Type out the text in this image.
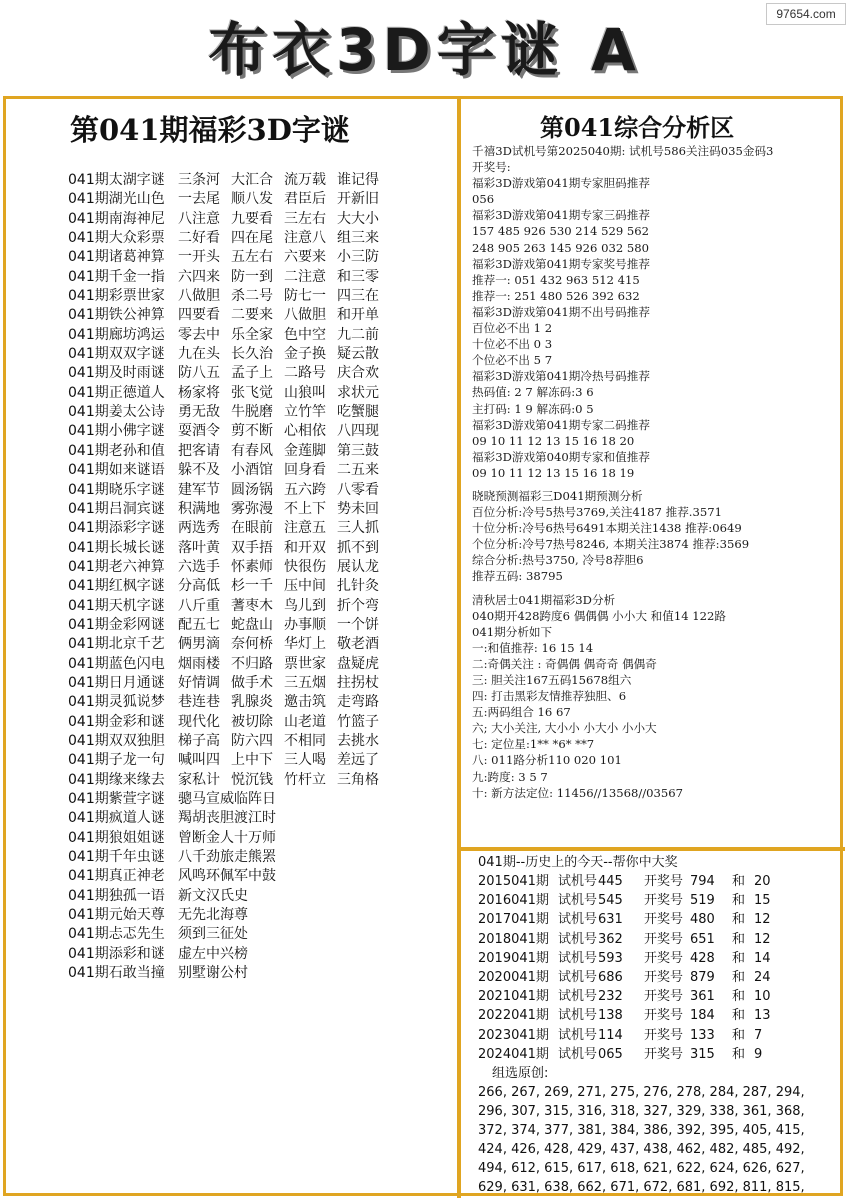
97654.com
布衣3D字谜 A
第041期福彩3D字谜
041期太湖字谜 三条河 大汇合 流万载 谁记得
041期湖光山色 一去尾 顺八发 君臣后 开新旧
041期南海神尼 八注意 九要看 三左右 大大小
041期大众彩票 二好看 四在尾 注意八 组三来
041期诸葛神算 一开头 五左右 六要来 小三防
041期千金一指 六四来 防一到 二注意 和三零
041期彩票世家 八做胆 杀二号 防七一 四三在
041期铁公神算 四要看 二要来 八做胆 和开单
041期廊坊鸿运 零去中 乐全家 色中空 九二前
041期双双字谜 九在头 长久治 金子换 疑云散
041期及时雨谜 防八五 孟子上 二路号 庆合欢
041期正德道人 杨家将 张飞觉 山狼叫 求状元
041期姜太公诗 勇无敌 牛脱磨 立竹竿 吃蟹腿
041期小佛字谜 耍酒令 剪不断 心相依 八四现
041期老孙和值 把客请 有春风 金莲脚 第三鼓
041期如来谜语 躲不及 小酒馆 回身看 二五来
041期晓乐字谜 建军节 圆汤锅 五六跨 八零看
041期吕洞宾谜 积满地 雾弥漫 不上下 势未回
041期添彩字谜 两选秀 在眼前 注意五 三人抓
041期长城长谜 落叶黄 双手捂 和开双 抓不到
041期老六神算 六选手 怀素师 快很伤 展认龙
041期红枫字谜 分高低 杉一千 压中间 扎针灸
041期天机字谜 八斤重 蓍枣木 鸟儿到 折个弯
041期金彩网谜 配五七 蛇盘山 办事顺 一个饼
041期北京千艺 俩男滴 奈何桥 华灯上 敬老酒
041期蓝色闪电 烟雨楼 不归路 票世家 盘疑虎
041期日月通谜 好情调 做手术 三五烟 拄拐杖
041期灵狐说梦 巷连巷 乳腺炎 邀击筑 走弯路
041期金彩和谜 现代化 被切除 山老道 竹篮子
041期双双独胆 梯子高 防六四 不相同 去挑水
041期子龙一句 喊叫四 上中下 三人喝 差远了
041期缘来缘去 家私计 悦沉钱 竹杆立 三角格
041期紫萱字谜 骢马宣威临阵日
041期疯道人谜 羯胡丧胆渡江时
041期狼姐姐谜 曾断金人十万师
041期千年虫谜 八千劲旅走熊罴
041期真正神老 风鸣环佩军中鼓
041期独孤一语 新文汉氏史
041期元始天尊 无先北海尊
041期忐忑先生 须到三征处
041期添彩和谜 虚左中兴榜
041期石敢当撞 别墅谢公村
第041综合分析区
千禧3D试机号第2025040期: 试机号586关注码035金码3
开奖号:
福彩3D游戏第041期专家胆码推荐
056
福彩3D游戏第041期专家三码推荐
157 485 926 530 214 529 562
248 905 263 145 926 032 580
福彩3D游戏第041期专家奖号推荐
推荐一: 051 432 963 512 415
推荐一: 251 480 526 392 632
福彩3D游戏第041期不出号码推荐
百位必不出 1 2
十位必不出 0 3
个位必不出 5 7
福彩3D游戏第041期冷热号码推荐
热码值: 2 7 解冻码:3 6
主打码: 1 9 解冻码:0 5
福彩3D游戏第041期专家二码推荐
09 10 11 12 13 15 16 18 20
福彩3D游戏第040期专家和值推荐
09 10 11 12 13 15 16 18 19
晓晓预测福彩三D041期预测分析
百位分析:冷号5热号3769,关注4187 推荐.3571
十位分析:冷号6热号6491本期关注1438 推荐:0649
个位分析:冷号7热号8246, 本期关注3874 推荐:3569
综合分析:热号3750, 冷号8荐胆6
推荐五码: 38795
清秋居士041期福彩3D分析
040期开428跨度6 偶偶偶 小小大 和值14 122路
041期分析如下
一:和值推荐: 16 15 14
二:奇偶关注 : 奇偶偶 偶奇奇 偶偶奇
三: 胆关注167五码15678组六
四: 打击黑彩友情推荐独胆、6
五:两码组合 16 67
六; 大小关注, 大小小 小大小 小小大
七: 定位星:1** *6* **7
八: 011路分析110 020 101
九:跨度: 3 5 7
十: 新方法定位: 11456//13568//03567
041期--历史上的今天--帮你中大奖
2015041期 试机号445 开奖号 794 和 20
2016041期 试机号545 开奖号 519 和 15
2017041期 试机号631 开奖号 480 和 12
2018041期 试机号362 开奖号 651 和 12
2019041期 试机号593 开奖号 428 和 14
2020041期 试机号686 开奖号 879 和 24
2021041期 试机号232 开奖号 361 和 10
2022041期 试机号138 开奖号 184 和 13
2023041期 试机号114 开奖号 133 和 7
2024041期 试机号065 开奖号 315 和 9
组选原创:
266, 267, 269, 271, 275, 276, 278, 284, 287, 294,
296, 307, 315, 316, 318, 327, 329, 338, 361, 368,
372, 374, 377, 381, 384, 386, 392, 395, 405, 415,
424, 426, 428, 429, 437, 438, 462, 482, 485, 492,
494, 612, 615, 617, 618, 621, 622, 624, 626, 627,
629, 631, 638, 662, 671, 672, 681, 692, 811, 815,
